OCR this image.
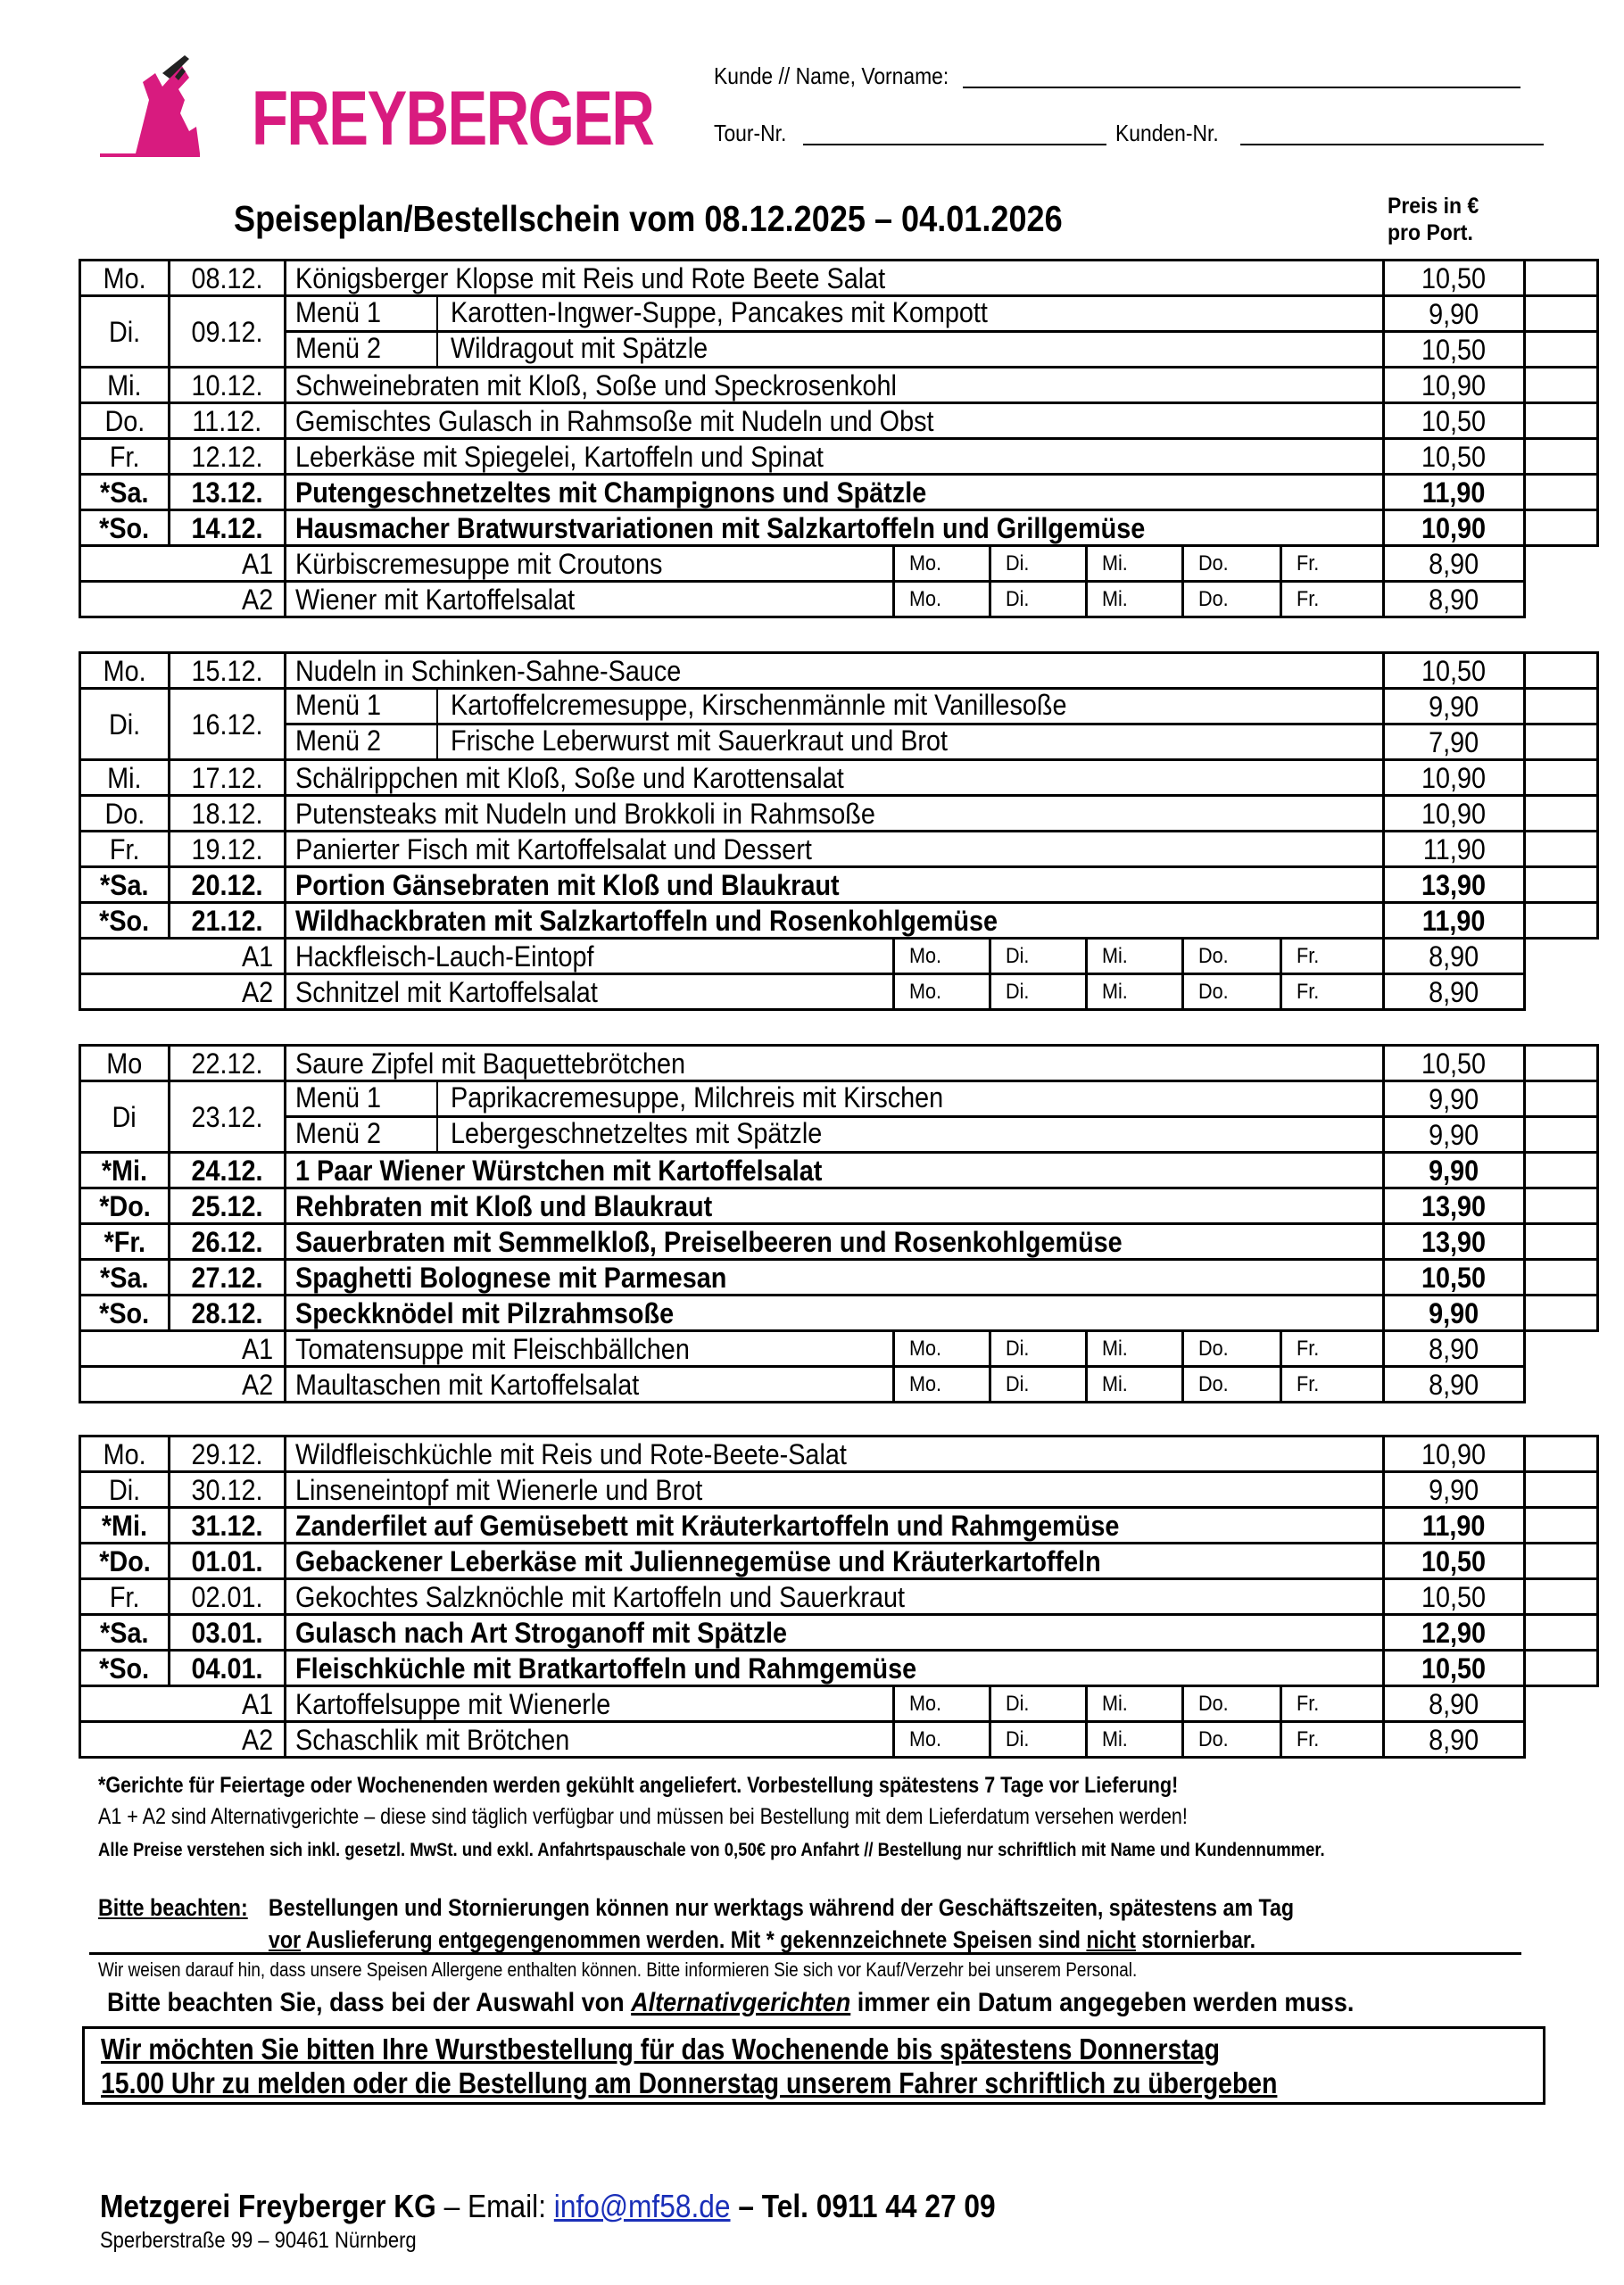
FREYBERGER	Kunde // Name, Vorname:
Tour-Nr.	Kunden-Nr.
Speiseplan/Bestellschein vom 08.12.2025 – 04.01.2026	Preis in €
pro Port.
Mo.	08.12.	Königsberger Klopse mit Reis und Rote Beete Salat						10,50	
Di.	09.12.	Menü 1 Karotten-Ingwer-Suppe, Pancakes mit Kompott						9,90	

		Menü 2 Wildragout mit Spätzle						10,50	
Mi.	10.12.	Schweinebraten mit Kloß, Soße und Speckrosenkohl						10,90	
Do.	11.12.	Gemischtes Gulasch in Rahmsoße mit Nudeln und Obst						10,50	
Fr.	12.12.	Leberkäse mit Spiegelei, Kartoffeln und Spinat						10,50	
*Sa.	13.12.	Putengeschnetzeltes mit Champignons und Spätzle						11,90	
*So.	14.12.	Hausmacher Bratwurstvariationen mit Salzkartoffeln und Grillgemüse						10,90	
A1		Kürbiscremesuppe mit Croutons	Mo.	Di.	Mi.	Do.	Fr.	8,90	
A2		Wiener mit Kartoffelsalat	Mo.	Di.	Mi.	Do.	Fr.	8,90	
Mo.	15.12.	Nudeln in Schinken-Sahne-Sauce						10,50	
Di.	16.12.	Menü 1 Kartoffelcremesuppe, Kirschenmännle mit Vanillesoße						9,90	

		Menü 2 Frische Leberwurst mit Sauerkraut und Brot						7,90	
Mi.	17.12.	Schälrippchen mit Kloß, Soße und Karottensalat						10,90	
Do.	18.12.	Putensteaks mit Nudeln und Brokkoli in Rahmsoße						10,90	
Fr.	19.12.	Panierter Fisch mit Kartoffelsalat und Dessert						11,90	
*Sa.	20.12.	Portion Gänsebraten mit Kloß und Blaukraut						13,90	
*So.	21.12.	Wildhackbraten mit Salzkartoffeln und Rosenkohlgemüse						11,90	
A1		Hackfleisch-Lauch-Eintopf	Mo.	Di.	Mi.	Do.	Fr.	8,90	
A2		Schnitzel mit Kartoffelsalat	Mo.	Di.	Mi.	Do.	Fr.	8,90	
Mo	22.12.	Saure Zipfel mit Baquettebrötchen						10,50	
Di	23.12.	Menü 1 Paprikacremesuppe, Milchreis mit Kirschen						9,90	

		Menü 2 Lebergeschnetzeltes mit Spätzle						9,90	
*Mi.	24.12.	1 Paar Wiener Würstchen mit Kartoffelsalat						9,90	
*Do.	25.12.	Rehbraten mit Kloß und Blaukraut						13,90	
*Fr.	26.12.	Sauerbraten mit Semmelkloß, Preiselbeeren und Rosenkohlgemüse						13,90	
*Sa.	27.12.	Spaghetti Bolognese mit Parmesan						10,50	
*So.	28.12.	Speckknödel mit Pilzrahmsoße						9,90	
A1		Tomatensuppe mit Fleischbällchen	Mo.	Di.	Mi.	Do.	Fr.	8,90	
A2		Maultaschen mit Kartoffelsalat	Mo.	Di.	Mi.	Do.	Fr.	8,90	
Mo.	29.12.	Wildfleischküchle mit Reis und Rote-Beete-Salat						10,90	
Di.	30.12.	Linseneintopf mit Wienerle und Brot						9,90	
*Mi.	31.12.	Zanderfilet auf Gemüsebett mit Kräuterkartoffeln und Rahmgemüse						11,90	
*Do.	01.01.	Gebackener Leberkäse mit Juliennegemüse und Kräuterkartoffeln						10,50	
Fr.	02.01.	Gekochtes Salzknöchle mit Kartoffeln und Sauerkraut						10,50	
*Sa.	03.01.	Gulasch nach Art Stroganoff mit Spätzle						12,90	
*So.	04.01.	Fleischküchle mit Bratkartoffeln und Rahmgemüse						10,50	
A1		Kartoffelsuppe mit Wienerle	Mo.	Di.	Mi.	Do.	Fr.	8,90	
A2		Schaschlik mit Brötchen	Mo.	Di.	Mi.	Do.	Fr.	8,90	
*Gerichte für Feiertage oder Wochenenden werden gekühlt angeliefert. Vorbestellung spätestens 7 Tage vor Lieferung!
A1 + A2 sind Alternativgerichte – diese sind täglich verfügbar und müssen bei Bestellung mit dem Lieferdatum versehen werden!
Alle Preise verstehen sich inkl. gesetzl. MwSt. und exkl. Anfahrtspauschale von 0,50€ pro Anfahrt // Bestellung nur schriftlich mit Name und Kundennummer.
Bitte beachten: Bestellungen und Stornierungen können nur werktags während der Geschäftszeiten, spätestens am Tag
vor Auslieferung entgegengenommen werden. Mit * gekennzeichnete Speisen sind nicht stornierbar.
Wir weisen darauf hin, dass unsere Speisen Allergene enthalten können. Bitte informieren Sie sich vor Kauf/Verzehr bei unserem Personal.
Bitte beachten Sie, dass bei der Auswahl von Alternativgerichten immer ein Datum angegeben werden muss.
Wir möchten Sie bitten Ihre Wurstbestellung für das Wochenende bis spätestens Donnerstag
15.00 Uhr zu melden oder die Bestellung am Donnerstag unserem Fahrer schriftlich zu übergeben
Metzgerei Freyberger KG – Email: info@mf58.de – Tel. 0911 44 27 09
Sperberstraße 99 – 90461 Nürnberg
